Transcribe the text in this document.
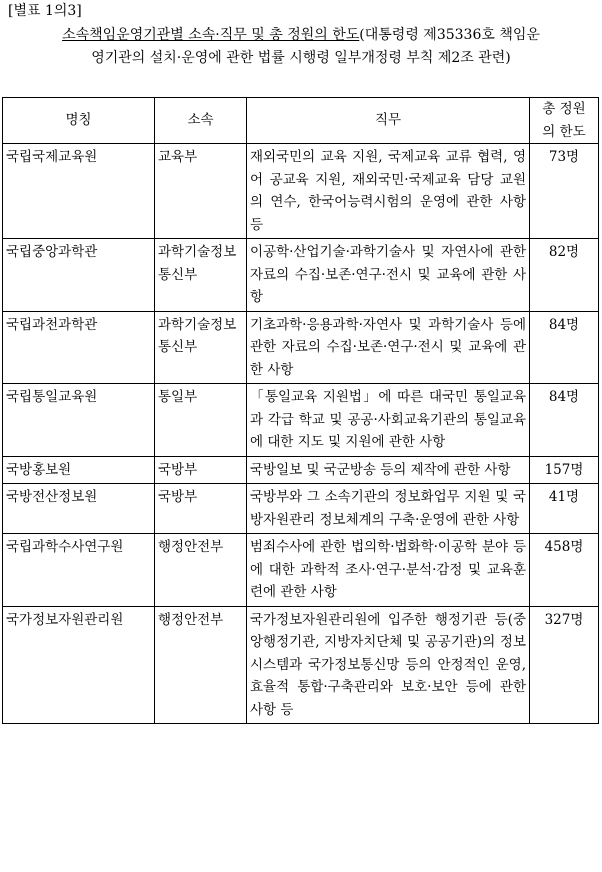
[별표 1의3]
소속책임운영기관별 소속·직무 및 총 정원의 한도(대통령령 제35336호 책임운
영기관의 설치·운영에 관한 법률 시행령 일부개정령 부칙 제2조 관련)
명칭	소속	직무	총 정원
의 한도
국립국제교육원	교육부	재외국민의 교육 지원, 국제교육 교류 협력, 영어 공교육 지원, 재외국민·국제교육 담당 교원의 연수, 한국어능력시험의 운영에 관한 사항 등	73명
국립중앙과학관	과학기술정보통신부	이공학·산업기술·과학기술사 및 자연사에 관한 자료의 수집·보존·연구·전시 및 교육에 관한 사항	82명
국립과천과학관	과학기술정보통신부	기초과학·응용과학·자연사 및 과학기술사 등에 관한 자료의 수집·보존·연구·전시 및 교육에 관한 사항	84명
국립통일교육원	통일부	「통일교육 지원법」에 따른 대국민 통일교육과 각급 학교 및 공공·사회교육기관의 통일교육에 대한 지도 및 지원에 관한 사항	84명
국방홍보원	국방부	국방일보 및 국군방송 등의 제작에 관한 사항	157명
국방전산정보원	국방부	국방부와 그 소속기관의 정보화업무 지원 및 국방자원관리 정보체계의 구축·운영에 관한 사항	41명
국립과학수사연구원	행정안전부	범죄수사에 관한 법의학·법화학·이공학 분야 등에 대한 과학적 조사·연구·분석·감정 및 교육훈련에 관한 사항	458명
국가정보자원관리원	행정안전부	국가정보자원관리원에 입주한 행정기관 등(중앙행정기관, 지방자치단체 및 공공기관)의 정보시스템과 국가정보통신망 등의 안정적인 운영, 효율적 통합·구축관리와 보호·보안 등에 관한 사항 등	327명
